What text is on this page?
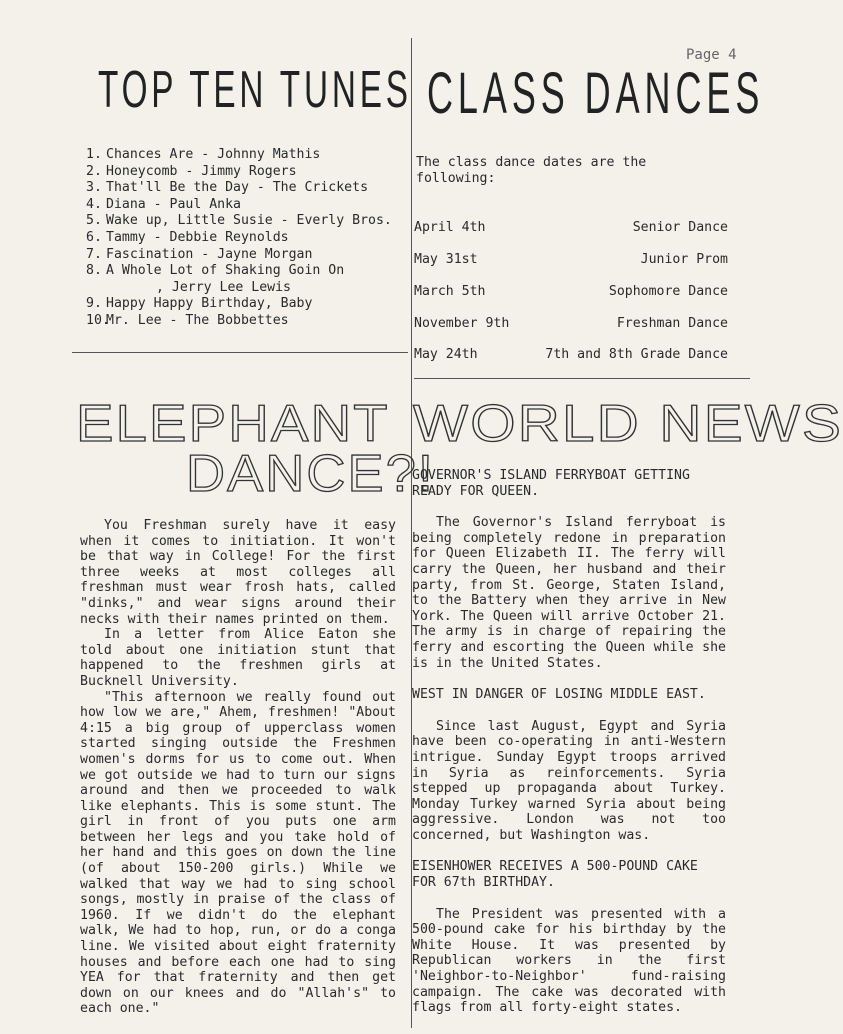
Page 4
TOP TEN TUNES
1. Chances Are - Johnny Mathis
2. Honeycomb - Jimmy Rogers
3. That'll Be the Day - The Crickets
4. Diana - Paul Anka
5. Wake up, Little Susie - Everly Bros.
6. Tammy - Debbie Reynolds
7. Fascination - Jayne Morgan
8. A Whole Lot of Shaking Goin On
, Jerry Lee Lewis
9. Happy Happy Birthday, Baby
10.
Mr. Lee - The Bobbettes
CLASS DANCES
The class dance dates are the following:
April 4th	Senior Dance
May 31st	Junior Prom
March 5th	Sophomore Dance
November 9th	Freshman Dance
May 24th	7th and 8th Grade Dance
ELEPHANT
DANCE?!

You Freshman surely have it easy when it comes to initiation. It won't be that way in College! For the first three weeks at most colleges all freshman must wear frosh hats, called "dinks," and wear signs around their necks with their names printed on them.

In a letter from Alice Eaton she told about one initiation stunt that happened to the freshmen girls at Bucknell University.

"This afternoon we really found out how low we are," Ahem, freshmen! "About 4:15 a big group of upperclass women started singing outside the Freshmen women's dorms for us to come out. When we got outside we had to turn our signs around and then we proceeded to walk like elephants. This is some stunt. The girl in front of you puts one arm between her legs and you take hold of her hand and this goes on down the line (of about 150-200 girls.) While we walked that way we had to sing school songs, mostly in praise of the class of 1960. If we didn't do the elephant walk, We had to hop, run, or do a conga line. We visited about eight fraternity houses and before each one had to sing YEA for that fraternity and then get down on our knees and do "Allah's" to each one."

WORLD NEWS

GOVERNOR'S ISLAND FERRYBOAT GETTING READY FOR QUEEN.

The Governor's Island ferryboat is being completely redone in preparation for Queen Elizabeth II. The ferry will carry the Queen, her husband and their party, from St. George, Staten Island, to the Battery when they arrive in New York. The Queen will arrive October 21. The army is in charge of repairing the ferry and escorting the Queen while she is in the United States.

WEST IN DANGER OF LOSING MIDDLE EAST.

Since last August, Egypt and Syria have been co-operating in anti-Western intrigue. Sunday Egypt troops arrived in Syria as reinforcements. Syria stepped up propaganda about Turkey. Monday Turkey warned Syria about being aggressive. London was not too concerned, but Washington was.

EISENHOWER RECEIVES A 500-POUND CAKE FOR 67th BIRTHDAY.

The President was presented with a 500-pound cake for his birthday by the White House. It was presented by Republican workers in the first 'Neighbor-to-Neighbor' fund-raising campaign. The cake was decorated with flags from all forty-eight states.
